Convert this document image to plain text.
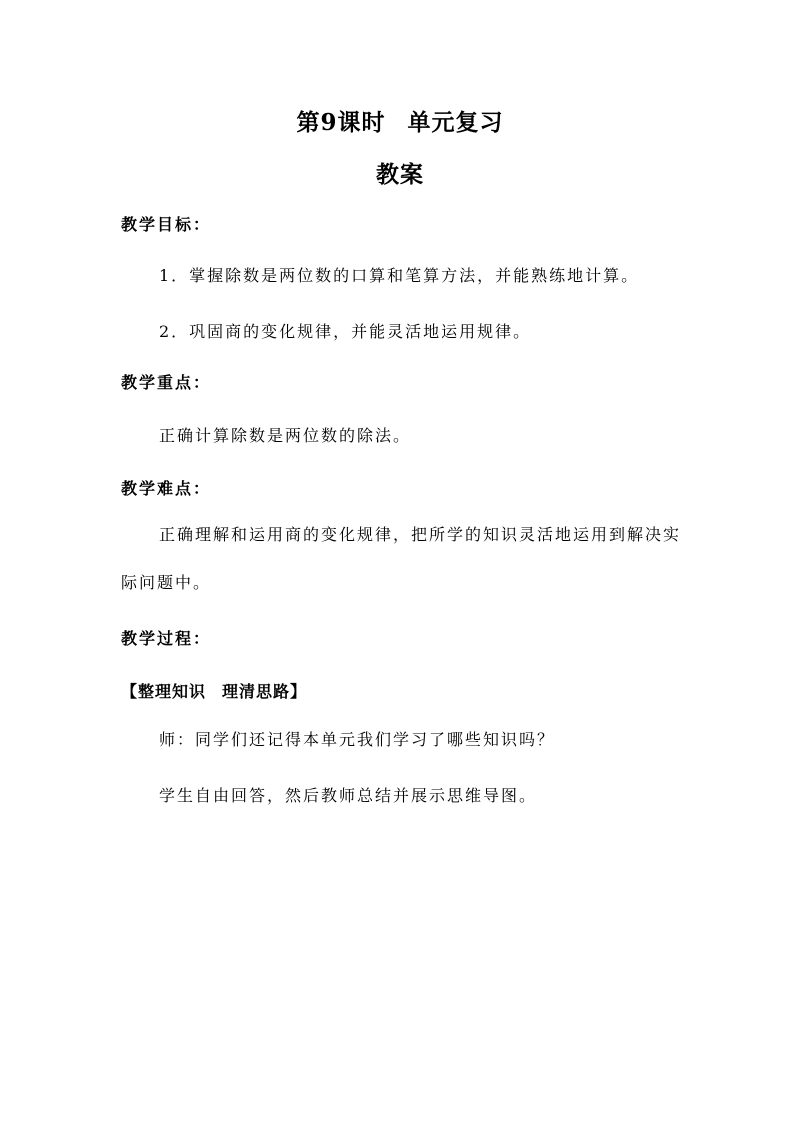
第9课时 单元复习
教案
教学目标：
1．掌握除数是两位数的口算和笔算方法，并能熟练地计算。
2．巩固商的变化规律，并能灵活地运用规律。
教学重点：
正确计算除数是两位数的除法。
教学难点：
正确理解和运用商的变化规律，把所学的知识灵活地运用到解决实际问题中。
教学过程：
【整理知识 理清思路】
师：同学们还记得本单元我们学习了哪些知识吗？
学生自由回答，然后教师总结并展示思维导图。
